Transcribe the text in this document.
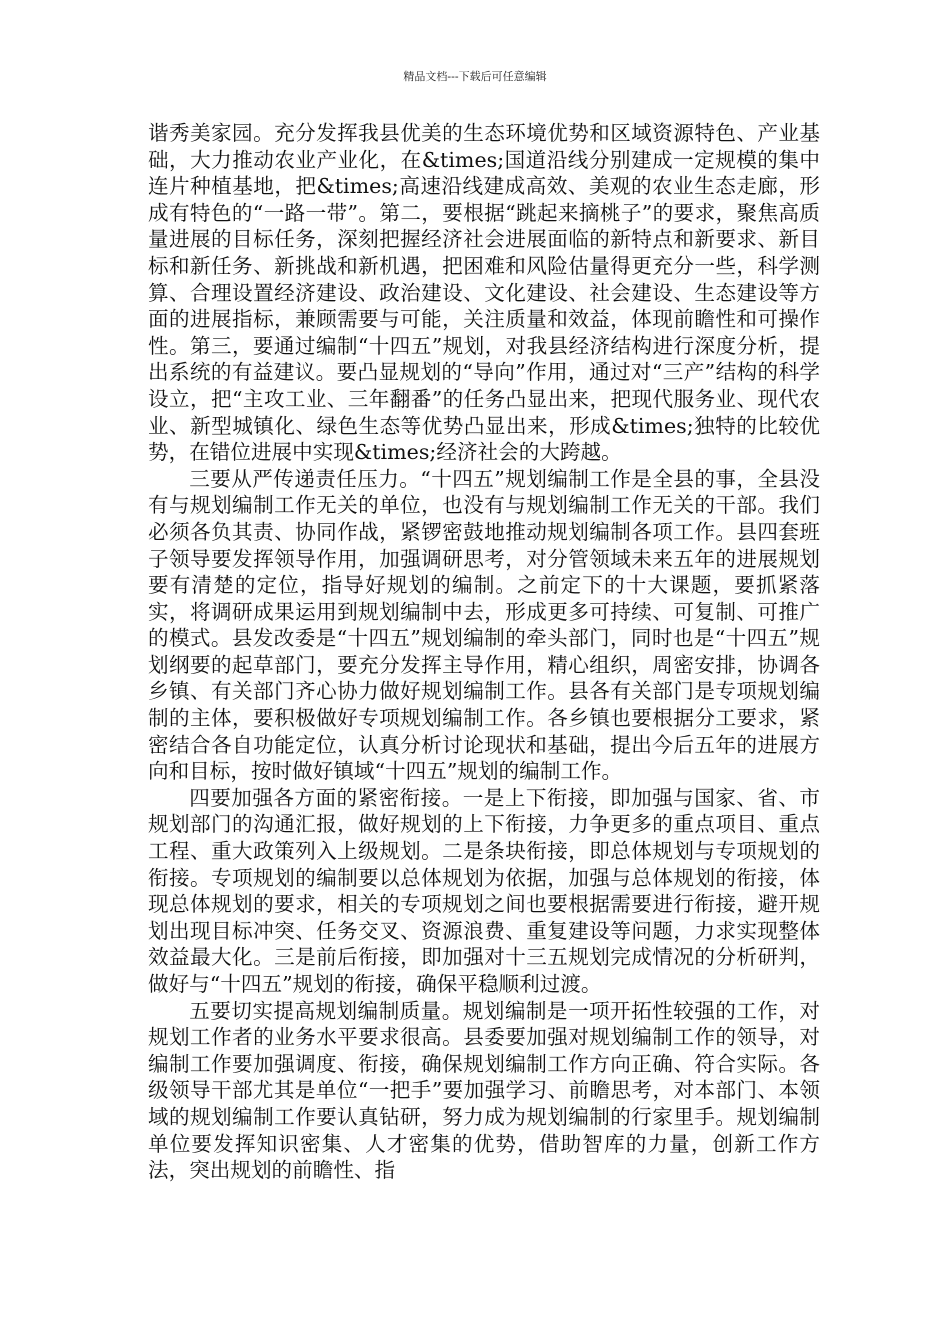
精品文档---下载后可任意编辑

谐秀美家园。充分发挥我县优美的生态环境优势和区域资源特色、产业基础，大力推动农业产业化，在&times;国道沿线分别建成一定规模的集中连片种植基地，把&times;高速沿线建成高效、美观的农业生态走廊，形成有特色的“一路一带”。第二，要根据“跳起来摘桃子”的要求，聚焦高质量进展的目标任务，深刻把握经济社会进展面临的新特点和新要求、新目标和新任务、新挑战和新机遇，把困难和风险估量得更充分一些，科学测算、合理设置经济建设、政治建设、文化建设、社会建设、生态建设等方面的进展指标，兼顾需要与可能，关注质量和效益，体现前瞻性和可操作性。第三，要通过编制“十四五”规划，对我县经济结构进行深度分析，提出系统的有益建议。要凸显规划的“导向”作用，通过对“三产”结构的科学设立，把“主攻工业、三年翻番”的任务凸显出来，把现代服务业、现代农业、新型城镇化、绿色生态等优势凸显出来，形成&times;独特的比较优势，在错位进展中实现&times;经济社会的大跨越。

三要从严传递责任压力。“十四五”规划编制工作是全县的事，全县没有与规划编制工作无关的单位，也没有与规划编制工作无关的干部。我们必须各负其责、协同作战，紧锣密鼓地推动规划编制各项工作。县四套班子领导要发挥领导作用，加强调研思考，对分管领域未来五年的进展规划要有清楚的定位，指导好规划的编制。之前定下的十大课题，要抓紧落实，将调研成果运用到规划编制中去，形成更多可持续、可复制、可推广的模式。县发改委是“十四五”规划编制的牵头部门，同时也是“十四五”规划纲要的起草部门，要充分发挥主导作用，精心组织，周密安排，协调各乡镇、有关部门齐心协力做好规划编制工作。县各有关部门是专项规划编制的主体，要积极做好专项规划编制工作。各乡镇也要根据分工要求，紧密结合各自功能定位，认真分析讨论现状和基础，提出今后五年的进展方向和目标，按时做好镇域“十四五”规划的编制工作。

四要加强各方面的紧密衔接。一是上下衔接，即加强与国家、省、市规划部门的沟通汇报，做好规划的上下衔接，力争更多的重点项目、重点工程、重大政策列入上级规划。二是条块衔接，即总体规划与专项规划的衔接。专项规划的编制要以总体规划为依据，加强与总体规划的衔接，体现总体规划的要求，相关的专项规划之间也要根据需要进行衔接，避开规划出现目标冲突、任务交叉、资源浪费、重复建设等问题，力求实现整体效益最大化。三是前后衔接，即加强对十三五规划完成情况的分析研判，做好与“十四五”规划的衔接，确保平稳顺利过渡。

五要切实提高规划编制质量。规划编制是一项开拓性较强的工作，对规划工作者的业务水平要求很高。县委要加强对规划编制工作的领导，对编制工作要加强调度、衔接，确保规划编制工作方向正确、符合实际。各级领导干部尤其是单位“一把手”要加强学习、前瞻思考，对本部门、本领域的规划编制工作要认真钻研，努力成为规划编制的行家里手。规划编制单位要发挥知识密集、人才密集的优势，借助智库的力量，创新工作方法，突出规划的前瞻性、指
